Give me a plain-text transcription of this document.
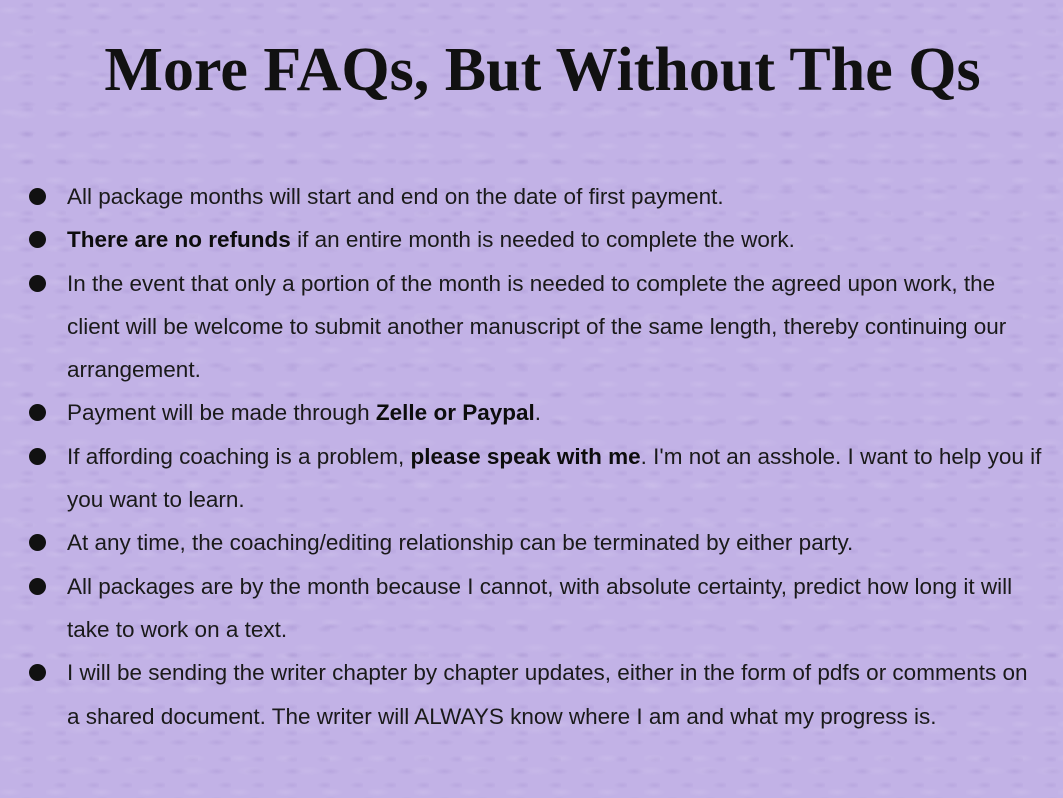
More FAQs, But Without The Qs
All package months will start and end on the date of first payment.
There are no refunds if an entire month is needed to complete the work.
In the event that only a portion of the month is needed to complete the agreed upon work, the client will be welcome to submit another manuscript of the same length, thereby continuing our arrangement.
Payment will be made through Zelle or Paypal.
If affording coaching is a problem, please speak with me. I'm not an asshole. I want to help you if you want to learn.
At any time, the coaching/editing relationship can be terminated by either party.
All packages are by the month because I cannot, with absolute certainty, predict how long it will take to work on a text.
I will be sending the writer chapter by chapter updates, either in the form of pdfs or comments on a shared document. The writer will ALWAYS know where I am and what my progress is.
